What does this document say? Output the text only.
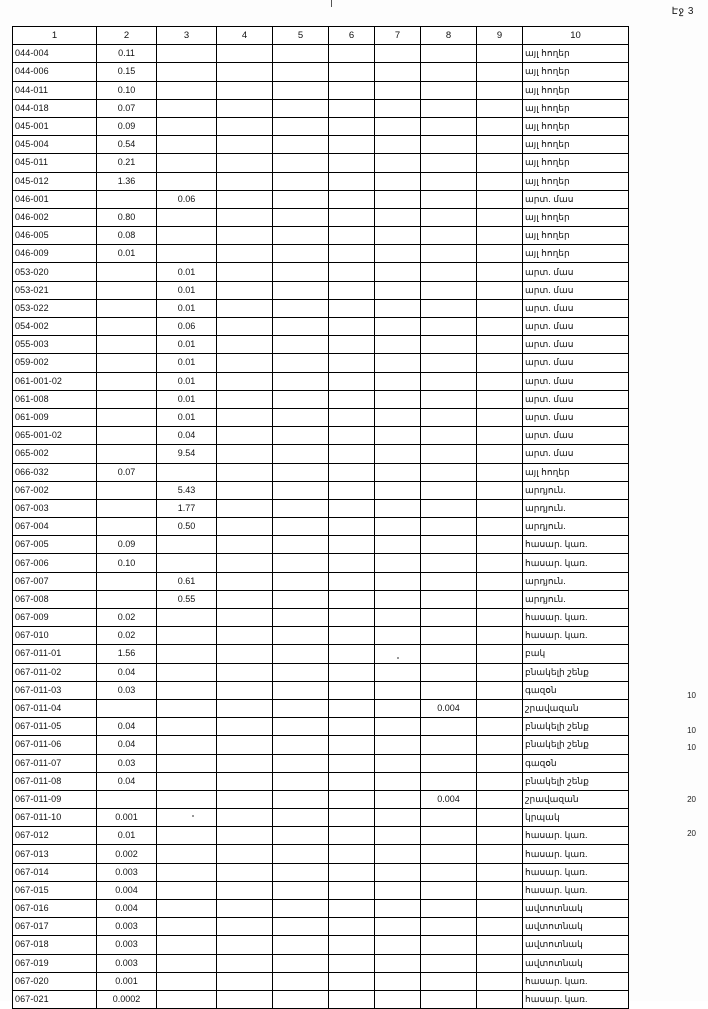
Էջ 3
1	2	3	4	5	6	7	8	9	10
044-004	0.11								այլ հողեր
044-006	0.15								այլ հողեր
044-011	0.10								այլ հողեր
044-018	0.07								այլ հողեր
045-001	0.09								այլ հողեր
045-004	0.54								այլ հողեր
045-011	0.21								այլ հողեր
045-012	1.36								այլ հողեր
046-001		0.06							արտ. մաս
046-002	0.80								այլ հողեր
046-005	0.08								այլ հողեր
046-009	0.01								այլ հողեր
053-020		0.01							արտ. մաս
053-021		0.01							արտ. մաս
053-022		0.01							արտ. մաս
054-002		0.06							արտ. մաս
055-003		0.01							արտ. մաս
059-002		0.01							արտ. մաս
061-001-02		0.01							արտ. մաս
061-008		0.01							արտ. մաս
061-009		0.01							արտ. մաս
065-001-02		0.04							արտ. մաս
065-002		9.54							արտ. մաս
066-032	0.07								այլ հողեր
067-002		5.43							արդյուն.
067-003		1.77							արդյուն.
067-004		0.50							արդյուն.
067-005	0.09								հասար. կառ.
067-006	0.10								հասար. կառ.
067-007		0.61							արդյուն.
067-008		0.55							արդյուն.
067-009	0.02								հասար. կառ.
067-010	0.02								հասար. կառ.
067-011-01	1.56								բակ
067-011-02	0.04								բնակելի շենք
067-011-03	0.03								գազօն
067-011-04							0.004		շրավազան
067-011-05	0.04								բնակելի շենք
067-011-06	0.04								բնակելի շենք
067-011-07	0.03								գազօն
067-011-08	0.04								բնակելի շենք
067-011-09							0.004		շրավազան
067-011-10	0.001								կրպակ
067-012	0.01								հասար. կառ.
067-013	0.002								հասար. կառ.
067-014	0.003								հասար. կառ.
067-015	0.004								հասար. կառ.
067-016	0.004								ավտոտնակ
067-017	0.003								ավտոտնակ
067-018	0.003								ավտոտնակ
067-019	0.003								ավտոտնակ
067-020	0.001								հասար. կառ.
067-021	0.0002								հասար. կառ.
10
10
10
20
20
